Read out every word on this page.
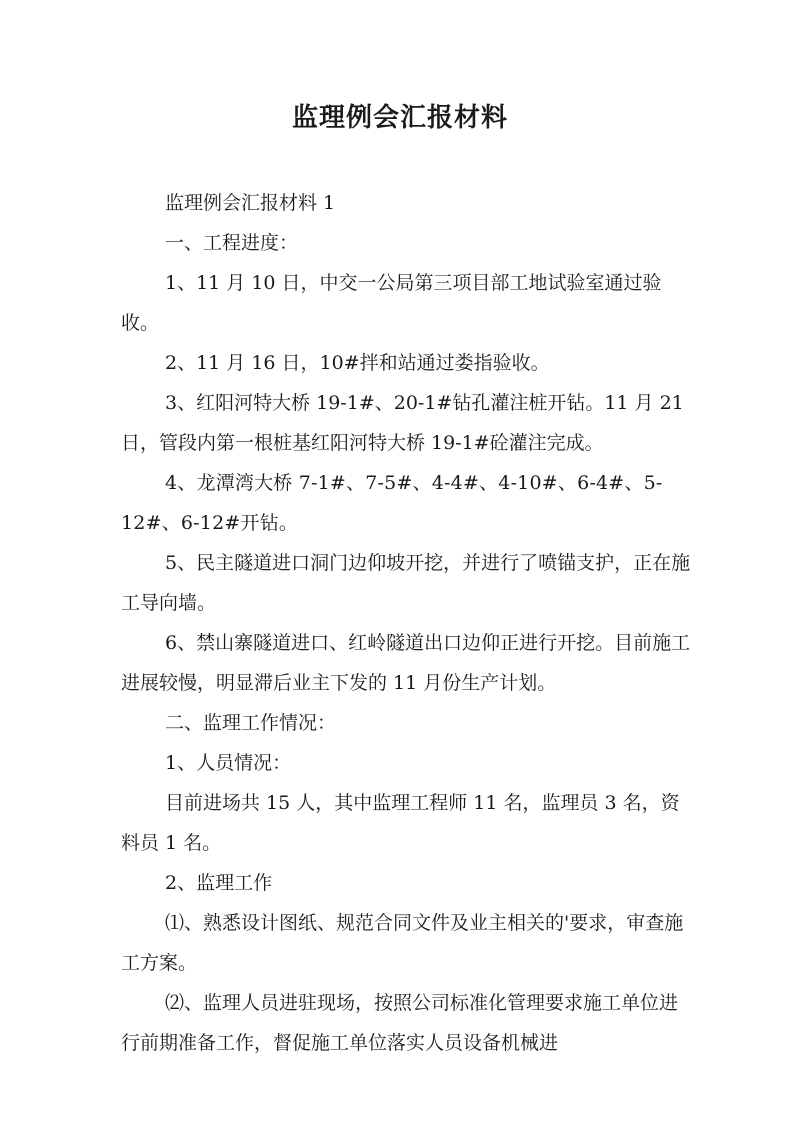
监理例会汇报材料

监理例会汇报材料 1

一、工程进度：

1、11 月 10 日，中交一公局第三项目部工地试验室通过验收。

2、11 月 16 日，10#拌和站通过娄指验收。

3、红阳河特大桥 19-1#、20-1#钻孔灌注桩开钻。11 月 21 日，管段内第一根桩基红阳河特大桥 19-1#砼灌注完成。

4、龙潭湾大桥 7-1#、7-5#、4-4#、4-10#、6-4#、5-12#、6-12#开钻。

5、民主隧道进口洞门边仰坡开挖，并进行了喷锚支护，正在施工导向墙。

6、禁山寨隧道进口、红岭隧道出口边仰正进行开挖。目前施工进展较慢，明显滞后业主下发的 11 月份生产计划。

二、监理工作情况：

1、人员情况：

目前进场共 15 人，其中监理工程师 11 名，监理员 3 名，资料员 1 名。

2、监理工作

⑴、熟悉设计图纸、规范合同文件及业主相关的'要求，审查施工方案。

⑵、监理人员进驻现场，按照公司标准化管理要求施工单位进行前期准备工作，督促施工单位落实人员设备机械进
